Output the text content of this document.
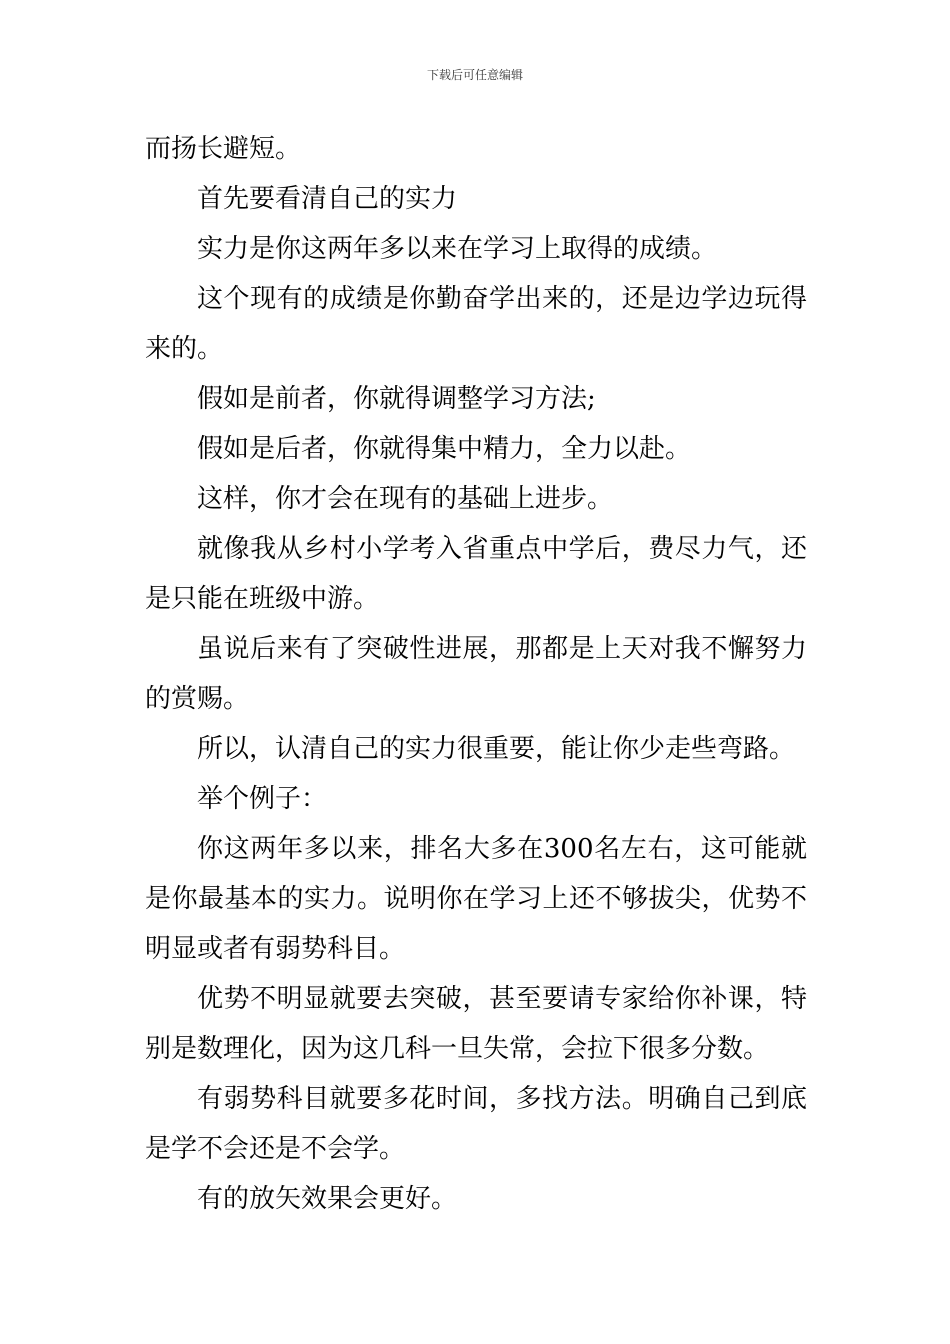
下载后可任意编辑

而扬长避短。

首先要看清自己的实力

实力是你这两年多以来在学习上取得的成绩。

这个现有的成绩是你勤奋学出来的，还是边学边玩得来的。

假如是前者，你就得调整学习方法;

假如是后者，你就得集中精力，全力以赴。

这样，你才会在现有的基础上进步。

就像我从乡村小学考入省重点中学后，费尽力气，还是只能在班级中游。

虽说后来有了突破性进展，那都是上天对我不懈努力的赏赐。

所以，认清自己的实力很重要，能让你少走些弯路。

举个例子：

你这两年多以来，排名大多在300名左右，这可能就是你最基本的实力。说明你在学习上还不够拔尖，优势不明显或者有弱势科目。

优势不明显就要去突破，甚至要请专家给你补课，特别是数理化，因为这几科一旦失常，会拉下很多分数。

有弱势科目就要多花时间，多找方法。明确自己到底是学不会还是不会学。

有的放矢效果会更好。
